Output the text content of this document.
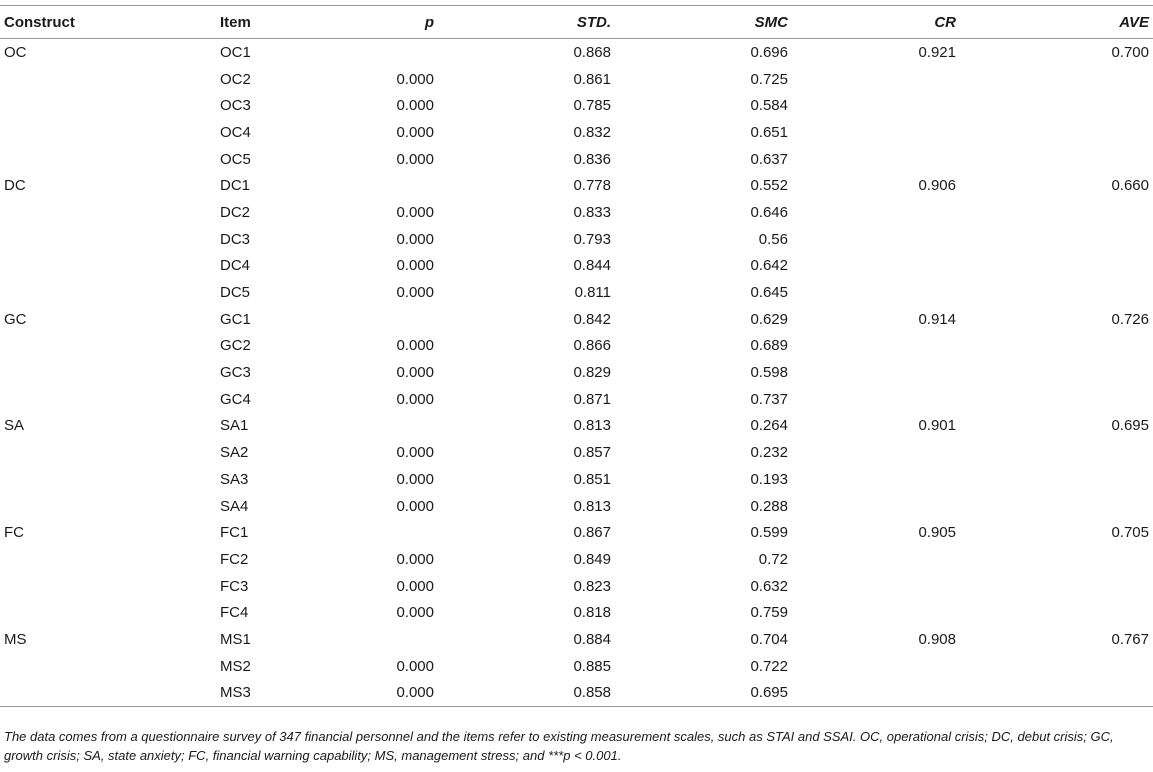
Construct	Item	p	STD.	SMC	CR	AVE
OC	OC1		0.868	0.696	0.921	0.700
	OC2	0.000	0.861	0.725		
	OC3	0.000	0.785	0.584		
	OC4	0.000	0.832	0.651		
	OC5	0.000	0.836	0.637		
DC	DC1		0.778	0.552	0.906	0.660
	DC2	0.000	0.833	0.646		
	DC3	0.000	0.793	0.56		
	DC4	0.000	0.844	0.642		
	DC5	0.000	0.811	0.645		
GC	GC1		0.842	0.629	0.914	0.726
	GC2	0.000	0.866	0.689		
	GC3	0.000	0.829	0.598		
	GC4	0.000	0.871	0.737		
SA	SA1		0.813	0.264	0.901	0.695
	SA2	0.000	0.857	0.232		
	SA3	0.000	0.851	0.193		
	SA4	0.000	0.813	0.288		
FC	FC1		0.867	0.599	0.905	0.705
	FC2	0.000	0.849	0.72		
	FC3	0.000	0.823	0.632		
	FC4	0.000	0.818	0.759		
MS	MS1		0.884	0.704	0.908	0.767
	MS2	0.000	0.885	0.722		
	MS3	0.000	0.858	0.695		
The data comes from a questionnaire survey of 347 financial personnel and the items refer to existing measurement scales, such as STAI and SSAI. OC, operational crisis; DC, debut crisis; GC, growth crisis; SA, state anxiety; FC, financial warning capability; MS, management stress; and ***p < 0.001.
